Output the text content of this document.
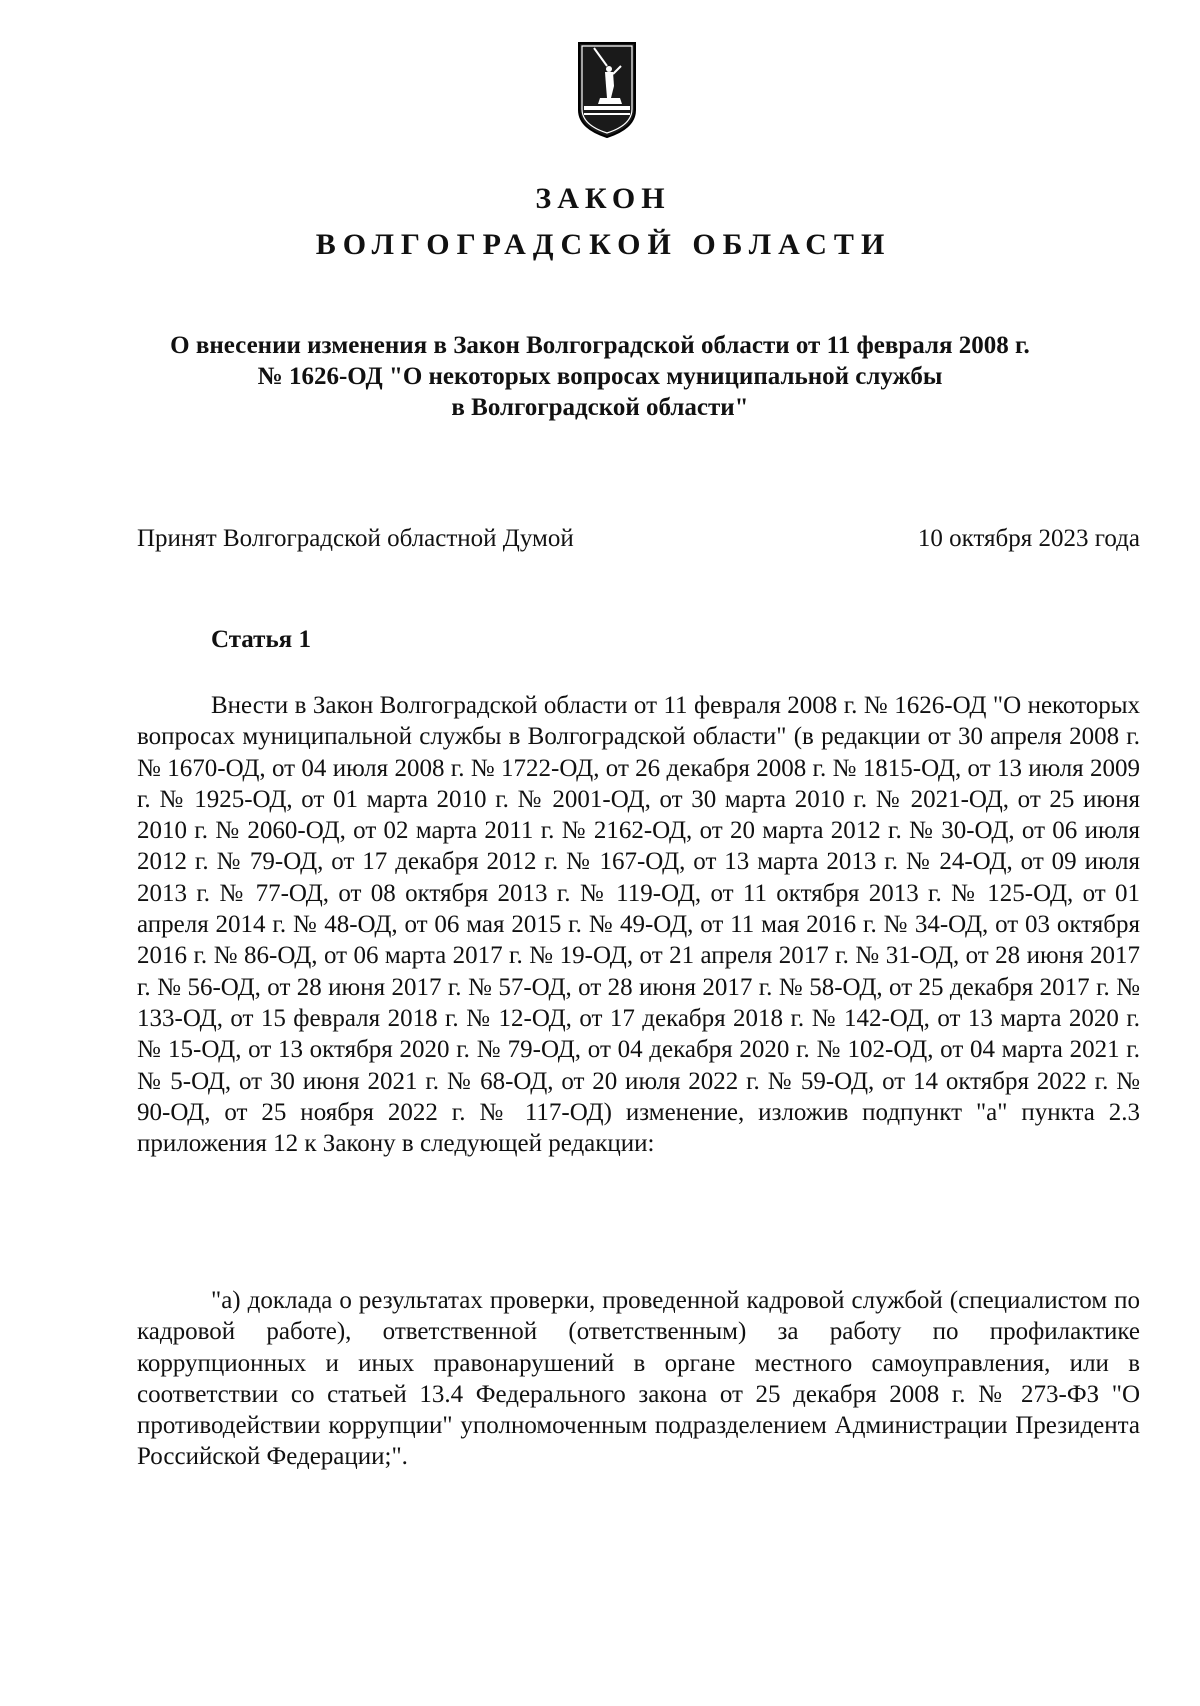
ЗАКОН
ВОЛГОГРАДСКОЙ ОБЛАСТИ
О внесении изменения в Закон Волгоградской области от 11 февраля 2008 г.
№ 1626-ОД "О некоторых вопросах муниципальной службы
в Волгоградской области"
Принят Волгоградской областной Думой	10 октября 2023 года
Статья 1

Внести в Закон Волгоградской области от 11 февраля 2008 г. № 1626-ОД "О некоторых вопросах муниципальной службы в Волгоградской области" (в редакции от 30 апреля 2008 г. № 1670-ОД, от 04 июля 2008 г. № 1722-ОД, от 26 декабря 2008 г. № 1815-ОД, от 13 июля 2009 г. № 1925-ОД, от 01 марта 2010 г. № 2001-ОД, от 30 марта 2010 г. № 2021-ОД, от 25 июня 2010 г. № 2060-ОД, от 02 марта 2011 г. № 2162-ОД, от 20 марта 2012 г. № 30-ОД, от 06 июля 2012 г. № 79-ОД, от 17 декабря 2012 г. № 167-ОД, от 13 марта 2013 г. № 24-ОД, от 09 июля 2013 г. № 77-ОД, от 08 октября 2013 г. № 119-ОД, от 11 октября 2013 г. № 125-ОД, от 01 апреля 2014 г. № 48-ОД, от 06 мая 2015 г. № 49-ОД, от 11 мая 2016 г. № 34-ОД, от 03 октября 2016 г. № 86-ОД, от 06 марта 2017 г. № 19-ОД, от 21 апреля 2017 г. № 31-ОД, от 28 июня 2017 г. № 56-ОД, от 28 июня 2017 г. № 57-ОД, от 28 июня 2017 г. № 58-ОД, от 25 декабря 2017 г. № 133-ОД, от 15 февраля 2018 г. № 12-ОД, от 17 декабря 2018 г. № 142-ОД, от 13 марта 2020 г. № 15-ОД, от 13 октября 2020 г. № 79-ОД, от 04 декабря 2020 г. № 102-ОД, от 04 марта 2021 г. № 5-ОД, от 30 июня 2021 г. № 68-ОД, от 20 июля 2022 г. № 59-ОД, от 14 октября 2022 г. № 90-ОД, от 25 ноября 2022 г. № 117-ОД) изменение, изложив подпункт "а" пункта 2.3 приложения 12 к Закону в следующей редакции:

"а) доклада о результатах проверки, проведенной кадровой службой (специалистом по кадровой работе), ответственной (ответственным) за работу по профилактике коррупционных и иных правонарушений в органе местного самоуправления, или в соответствии со статьей 13.4 Федерального закона от 25 декабря 2008 г. № 273-ФЗ "О противодействии коррупции" уполномоченным подразделением Администрации Президента Российской Федерации;".
